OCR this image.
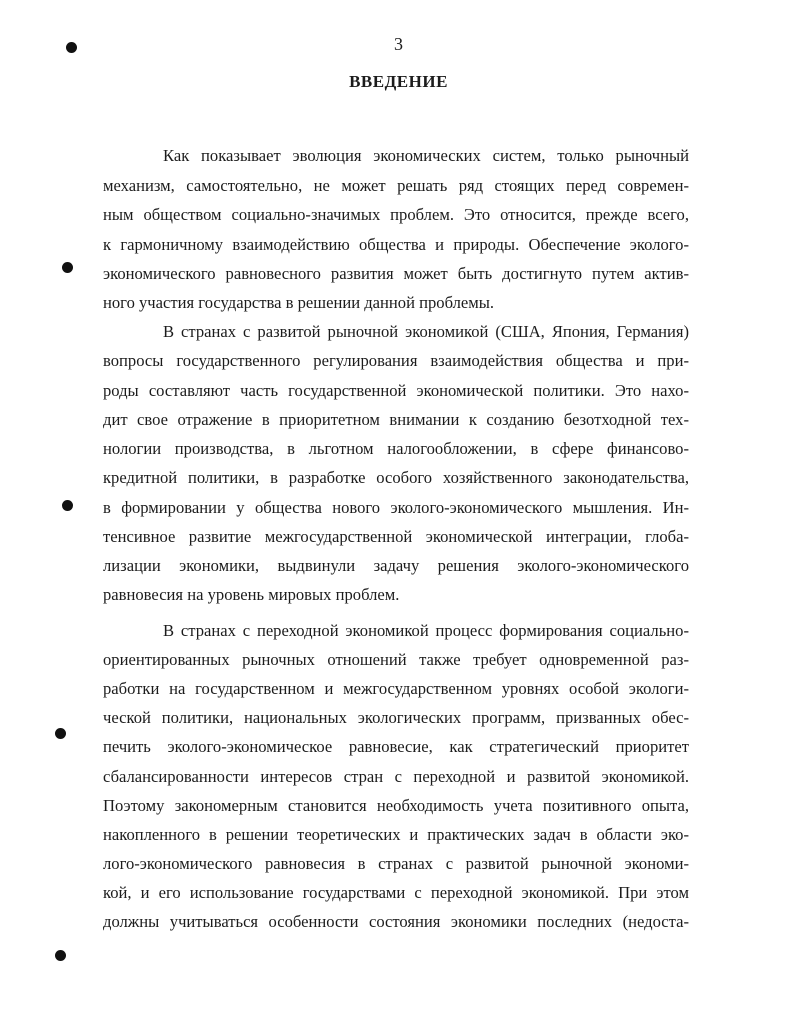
3
ВВЕДЕНИЕ
Как показывает эволюция экономических систем, только рыночный
механизм, самостоятельно, не может решать ряд стоящих перед современ-
ным обществом социально-значимых проблем. Это относится, прежде всего,
к гармоничному взаимодействию общества и природы. Обеспечение эколого-
экономического равновесного развития может быть достигнуто путем актив-
ного участия государства в решении данной проблемы.
В странах с развитой рыночной экономикой (США, Япония, Германия)
вопросы государственного регулирования взаимодействия общества и при-
роды составляют часть государственной экономической политики. Это нахо-
дит свое отражение в приоритетном внимании к созданию безотходной тех-
нологии производства, в льготном налогообложении, в сфере финансово-
кредитной политики, в разработке особого хозяйственного законодательства,
в формировании у общества нового эколого-экономического мышления. Ин-
тенсивное развитие межгосударственной экономической интеграции, глоба-
лизации экономики, выдвинули задачу решения эколого-экономического
равновесия на уровень мировых проблем.
В странах с переходной экономикой процесс формирования социально-
ориентированных рыночных отношений также требует одновременной раз-
работки на государственном и межгосударственном уровнях особой экологи-
ческой политики, национальных экологических программ, призванных обес-
печить эколого-экономическое равновесие, как стратегический приоритет
сбалансированности интересов стран с переходной и развитой экономикой.
Поэтому закономерным становится необходимость учета позитивного опыта,
накопленного в решении теоретических и практических задач в области эко-
лого-экономического равновесия в странах с развитой рыночной экономи-
кой, и его использование государствами с переходной экономикой. При этом
должны учитываться особенности состояния экономики последних (недоста-
